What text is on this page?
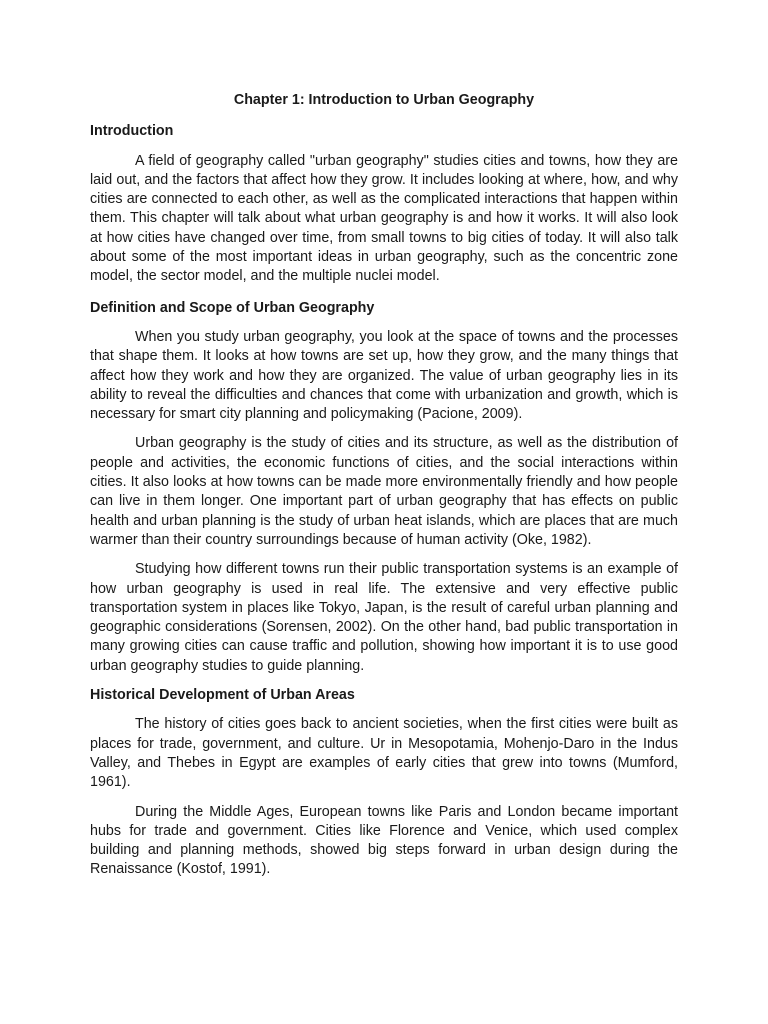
Chapter 1: Introduction to Urban Geography
Introduction

A field of geography called "urban geography" studies cities and towns, how they are laid out, and the factors that affect how they grow. It includes looking at where, how, and why cities are connected to each other, as well as the complicated interactions that happen within them. This chapter will talk about what urban geography is and how it works. It will also look at how cities have changed over time, from small towns to big cities of today. It will also talk about some of the most important ideas in urban geography, such as the concentric zone model, the sector model, and the multiple nuclei model.

Definition and Scope of Urban Geography

When you study urban geography, you look at the space of towns and the processes that shape them. It looks at how towns are set up, how they grow, and the many things that affect how they work and how they are organized. The value of urban geography lies in its ability to reveal the difficulties and chances that come with urbanization and growth, which is necessary for smart city planning and policymaking (Pacione, 2009).

Urban geography is the study of cities and its structure, as well as the distribution of people and activities, the economic functions of cities, and the social interactions within cities. It also looks at how towns can be made more environmentally friendly and how people can live in them longer. One important part of urban geography that has effects on public health and urban planning is the study of urban heat islands, which are places that are much warmer than their country surroundings because of human activity (Oke, 1982).

Studying how different towns run their public transportation systems is an example of how urban geography is used in real life. The extensive and very effective public transportation system in places like Tokyo, Japan, is the result of careful urban planning and geographic considerations (Sorensen, 2002). On the other hand, bad public transportation in many growing cities can cause traffic and pollution, showing how important it is to use good urban geography studies to guide planning.

Historical Development of Urban Areas

The history of cities goes back to ancient societies, when the first cities were built as places for trade, government, and culture. Ur in Mesopotamia, Mohenjo-Daro in the Indus Valley, and Thebes in Egypt are examples of early cities that grew into towns (Mumford, 1961).

During the Middle Ages, European towns like Paris and London became important hubs for trade and government. Cities like Florence and Venice, which used complex building and planning methods, showed big steps forward in urban design during the Renaissance (Kostof, 1991).
